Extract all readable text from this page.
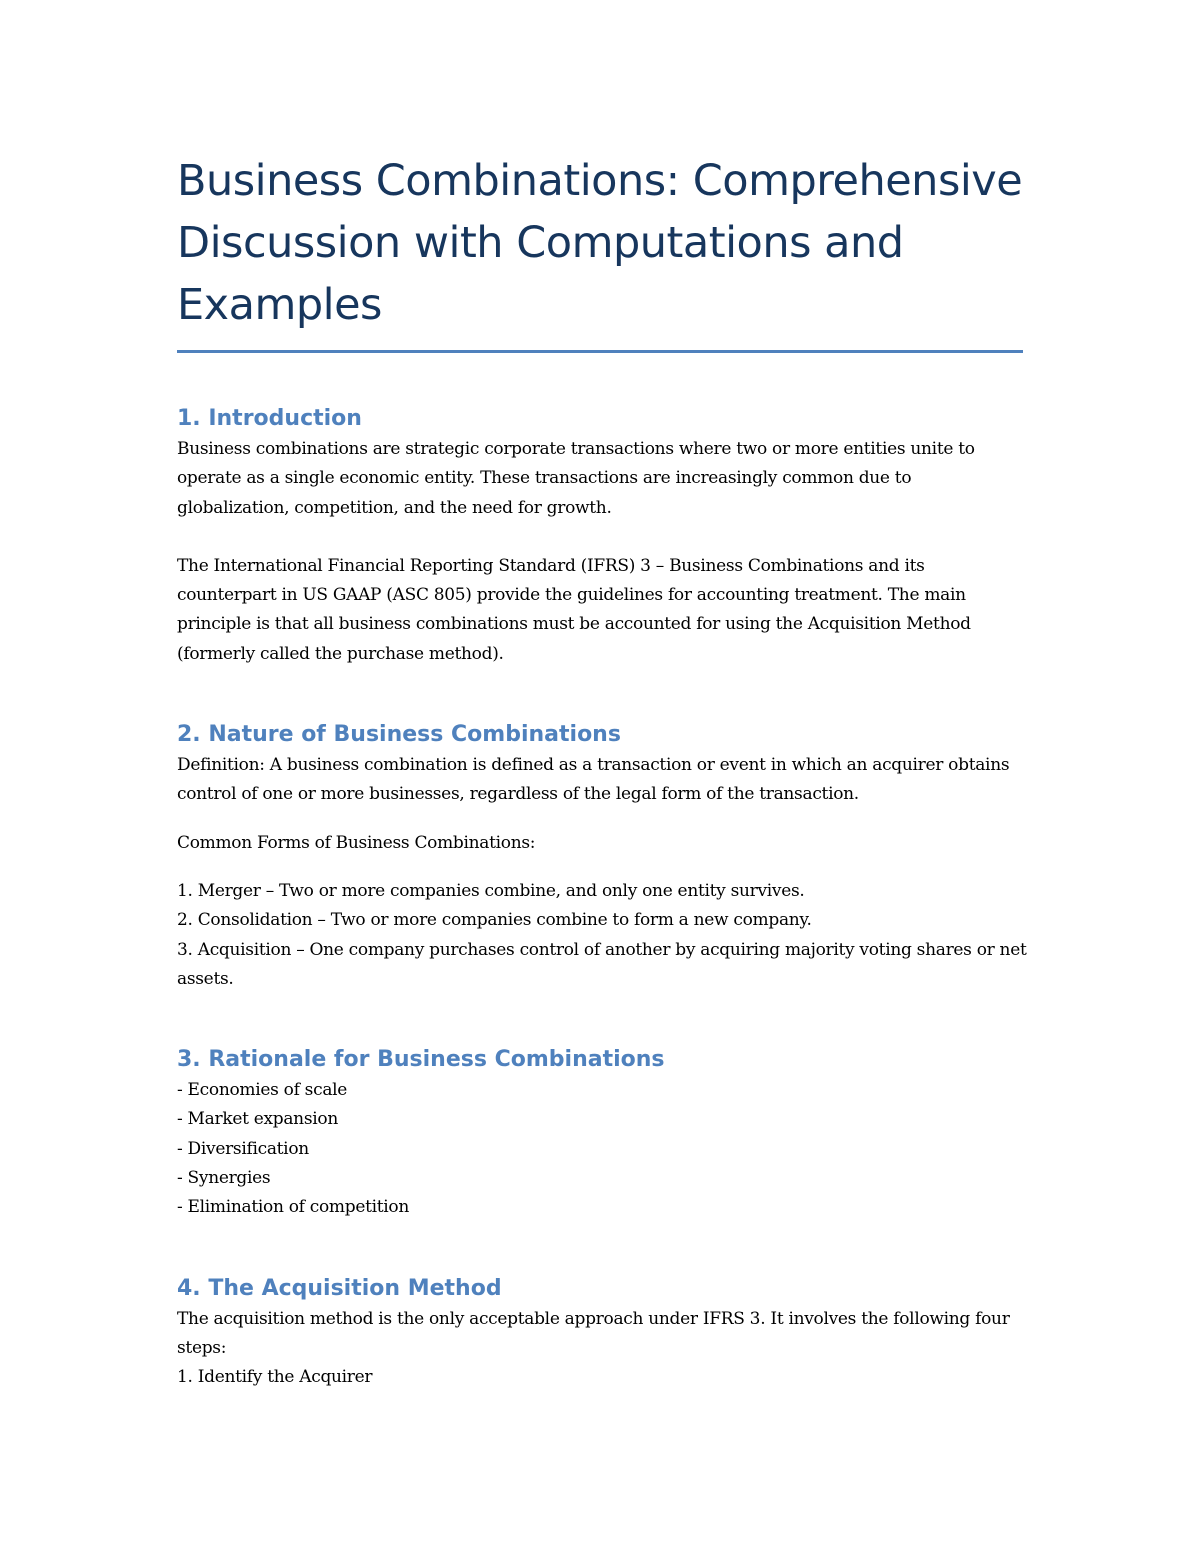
Business Combinations: Comprehensive Discussion with Computations and Examples
1. Introduction

Business combinations are strategic corporate transactions where two or more entities unite to operate as a single economic entity. These transactions are increasingly common due to globalization, competition, and the need for growth.

The International Financial Reporting Standard (IFRS) 3 – Business Combinations and its counterpart in US GAAP (ASC 805) provide the guidelines for accounting treatment. The main principle is that all business combinations must be accounted for using the Acquisition Method (formerly called the purchase method).

2. Nature of Business Combinations

Definition: A business combination is defined as a transaction or event in which an acquirer obtains control of one or more businesses, regardless of the legal form of the transaction.

Common Forms of Business Combinations:

1. Merger – Two or more companies combine, and only one entity survives.

2. Consolidation – Two or more companies combine to form a new company.

3. Acquisition – One company purchases control of another by acquiring majority voting shares or net assets.

3. Rationale for Business Combinations

- Economies of scale

- Market expansion

- Diversification

- Synergies

- Elimination of competition

4. The Acquisition Method

The acquisition method is the only acceptable approach under IFRS 3. It involves the following four steps:

1. Identify the Acquirer
